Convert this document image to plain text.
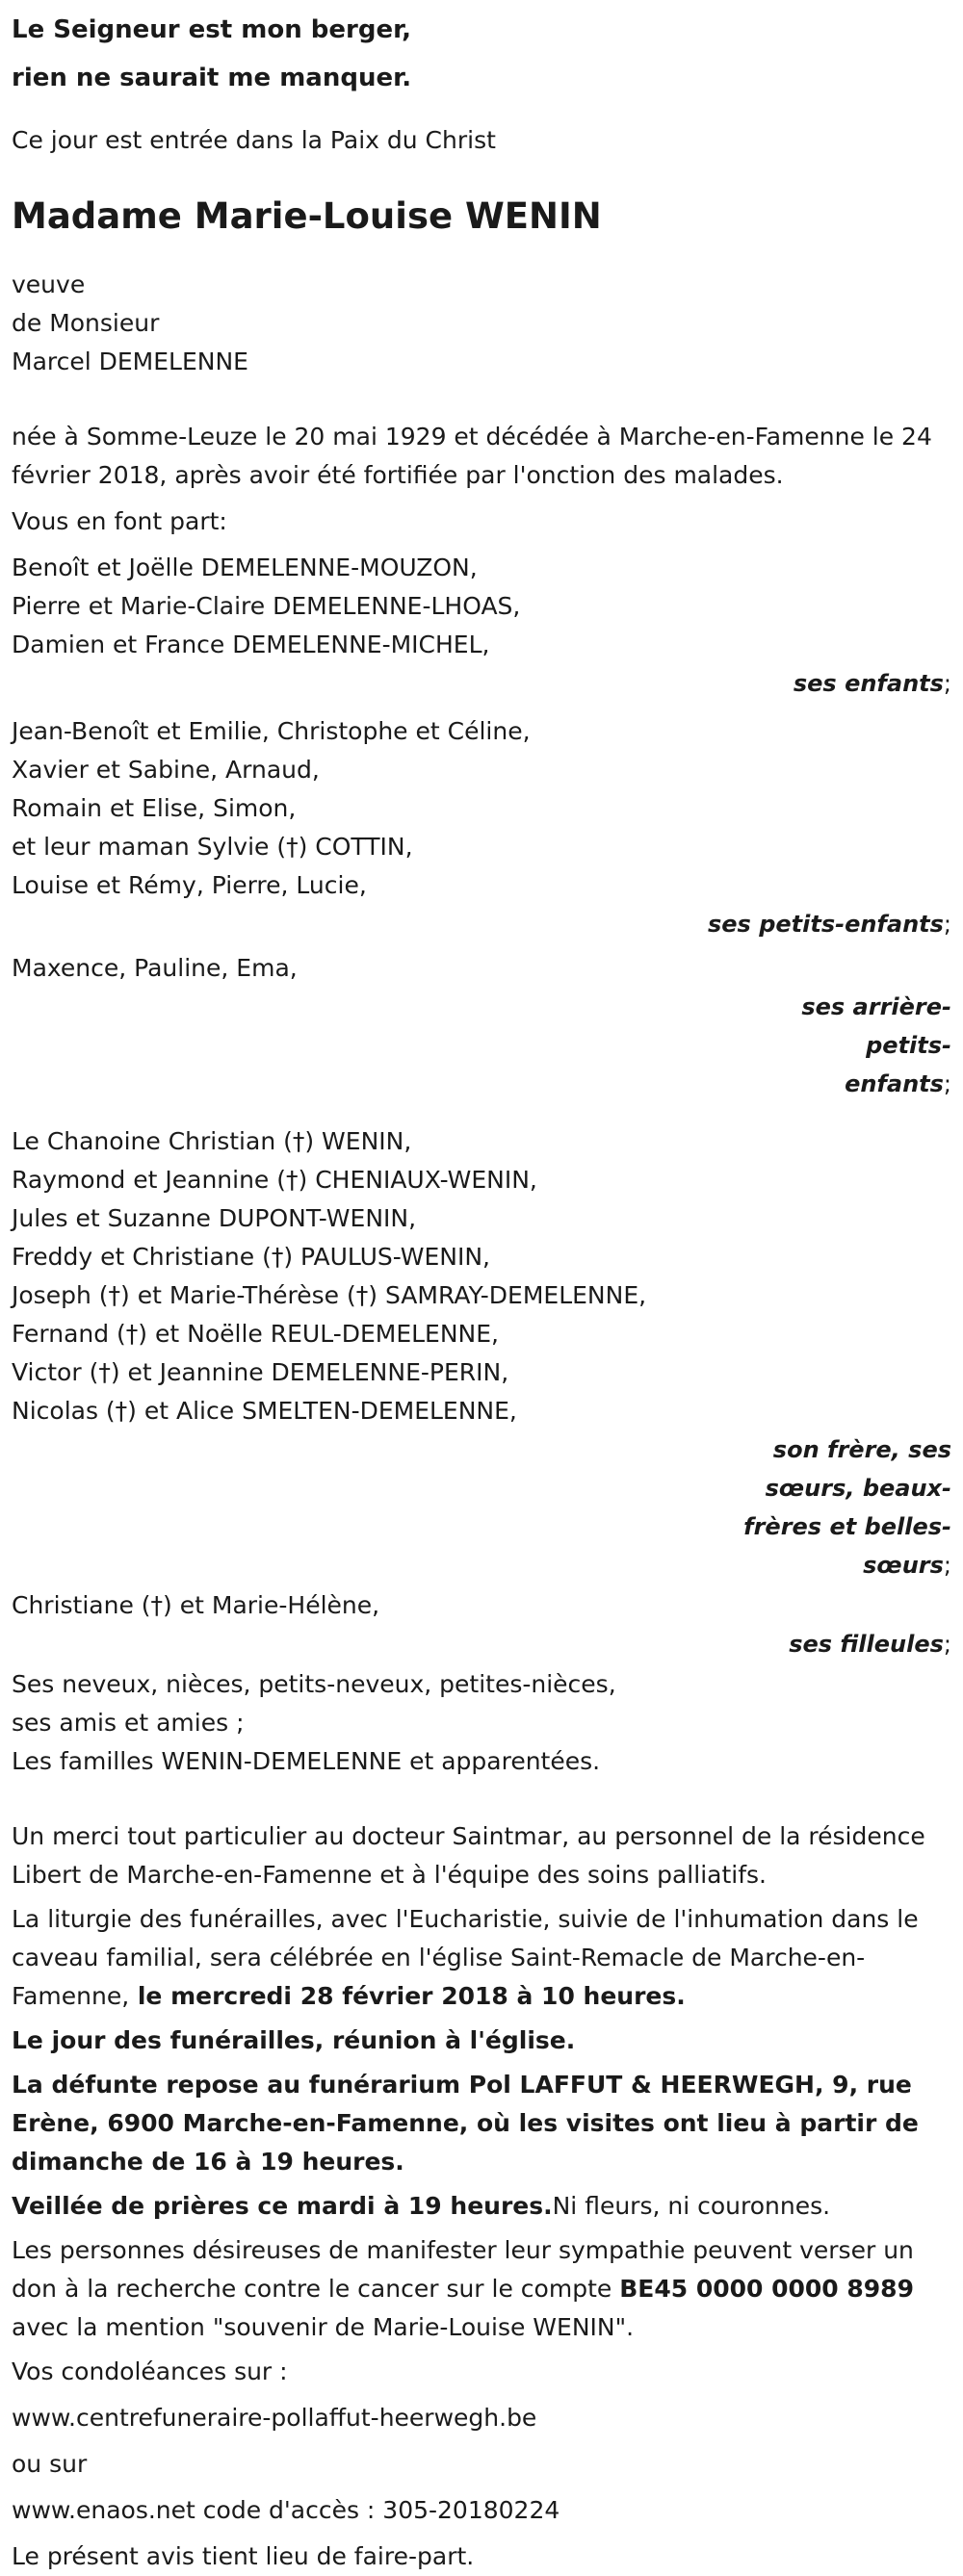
Le Seigneur est mon berger,
rien ne saurait me manquer.
Ce jour est entrée dans la Paix du Christ
Madame Marie-Louise WENIN
veuve
de Monsieur
Marcel DEMELENNE
née à Somme-Leuze le 20 mai 1929 et décédée à Marche-en-Famenne le 24 février 2018, après avoir été fortifiée par l'onction des malades.
Vous en font part:
Benoît et Joëlle DEMELENNE-MOUZON,
Pierre et Marie-Claire DEMELENNE-LHOAS,
Damien et France DEMELENNE-MICHEL,
ses enfants;
Jean-Benoît et Emilie, Christophe et Céline,
Xavier et Sabine, Arnaud,
Romain et Elise, Simon,
et leur maman Sylvie (†) COTTIN,
Louise et Rémy, Pierre, Lucie,
ses petits-enfants;
Maxence, Pauline, Ema,
ses arrière-petits-
enfants;
Le Chanoine Christian (†) WENIN,
Raymond et Jeannine (†) CHENIAUX-WENIN,
Jules et Suzanne DUPONT-WENIN,
Freddy et Christiane (†) PAULUS-WENIN,
Joseph (†) et Marie-Thérèse (†) SAMRAY-DEMELENNE,
Fernand (†) et Noëlle REUL-DEMELENNE,
Victor (†) et Jeannine DEMELENNE-PERIN,
Nicolas (†) et Alice SMELTEN-DEMELENNE,
son frère, ses
sœurs, beaux-
frères et belles-
sœurs;
Christiane (†) et Marie-Hélène,
ses filleules;
Ses neveux, nièces, petits-neveux, petites-nièces,
ses amis et amies ;
Les familles WENIN-DEMELENNE et apparentées.
Un merci tout particulier au docteur Saintmar, au personnel de la résidence Libert de Marche-en-Famenne et à l'équipe des soins palliatifs.
La liturgie des funérailles, avec l'Eucharistie, suivie de l'inhumation dans le caveau familial, sera célébrée en l'église Saint-Remacle de Marche-en-Famenne, le mercredi 28 février 2018 à 10 heures.
Le jour des funérailles, réunion à l'église.
La défunte repose au funérarium Pol LAFFUT & HEERWEGH, 9, rue Erène, 6900 Marche-en-Famenne, où les visites ont lieu à partir de dimanche de 16 à 19 heures.
Veillée de prières ce mardi à 19 heures.Ni fleurs, ni couronnes.
Les personnes désireuses de manifester leur sympathie peuvent verser un don à la recherche contre le cancer sur le compte BE45 0000 0000 8989 avec la mention "souvenir de Marie-Louise WENIN".
Vos condoléances sur :
www.centrefuneraire-pollaffut-heerwegh.be
ou sur
www.enaos.net code d'accès : 305-20180224
Le présent avis tient lieu de faire-part.
